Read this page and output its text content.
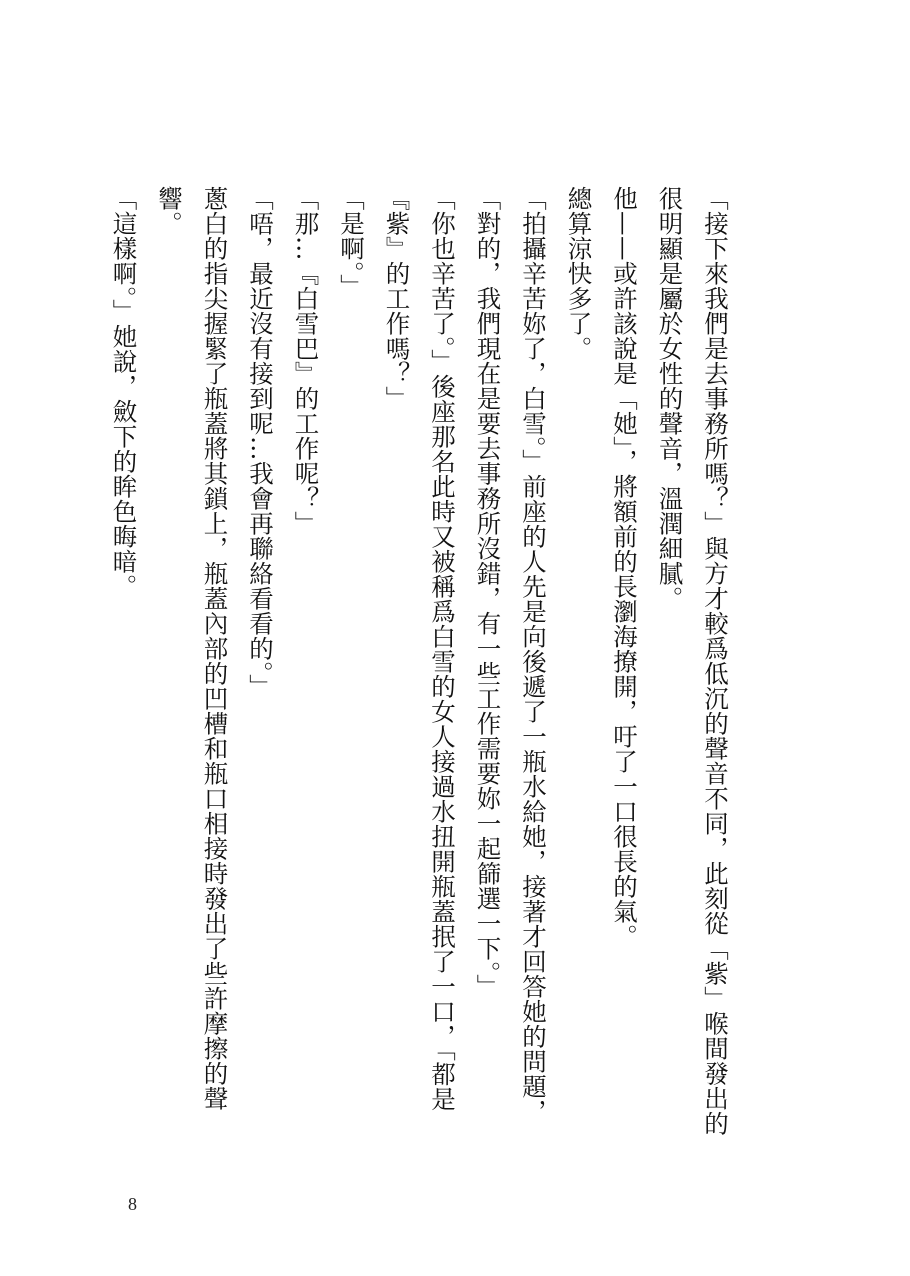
「接下來我們是去事務所嗎？」與方才較爲低沉的聲音不同，此刻從「紫」喉間發出的很明顯是屬於女性的聲音，溫潤細膩。

他——或許該說是「她」，將額前的長瀏海撩開，吁了一口很長的氣。

總算涼快多了。

「拍攝辛苦妳了，白雪。」前座的人先是向後遞了一瓶水給她，接著才回答她的問題，「對的，我們現在是要去事務所沒錯，有一些工作需要妳一起篩選一下。」

「你也辛苦了。」後座那名此時又被稱爲白雪的女人接過水扭開瓶蓋抿了一口，「都是『紫』的工作嗎？」

「是啊。」

「那…『白雪巴』的工作呢？」

「唔，最近沒有接到呢…我會再聯絡看看的。」

蔥白的指尖握緊了瓶蓋將其鎖上，瓶蓋內部的凹槽和瓶口相接時發出了些許摩擦的聲響。

「這樣啊。」她說，斂下的眸色晦暗。

8
